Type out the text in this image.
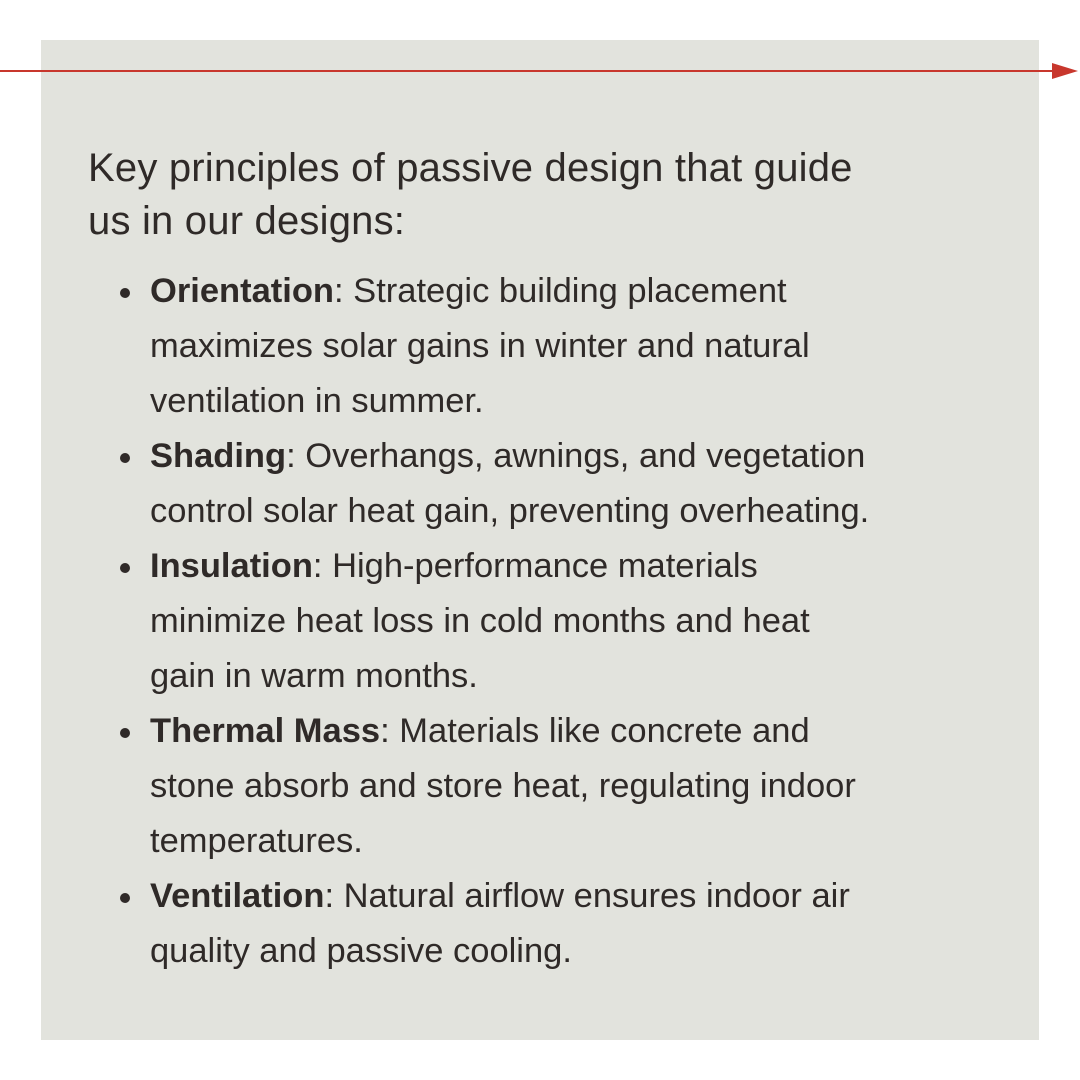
Key principles of passive design that guide
us in our designs:
Orientation: Strategic building placement
maximizes solar gains in winter and natural
ventilation in summer.
Shading: Overhangs, awnings, and vegetation
control solar heat gain, preventing overheating.
Insulation: High-performance materials
minimize heat loss in cold months and heat
gain in warm months.
Thermal Mass: Materials like concrete and
stone absorb and store heat, regulating indoor
temperatures.
Ventilation: Natural airflow ensures indoor air
quality and passive cooling.
